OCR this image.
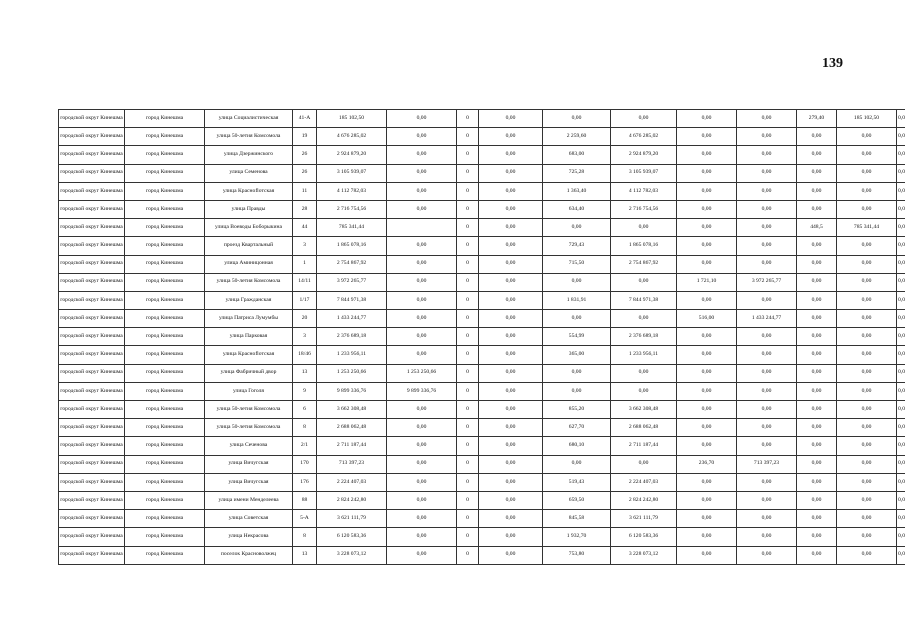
139
городской округ Кинешма	город Кинешма	улица Социалистическая	41-А	185 102,50	0,00	0	0,00	0,00	0,00	0,00	0,00	279,40	185 102,50	0,0
городской округ Кинешма	город Кинешма	улица 50-летия Комсомола	19	4 676 285,02	0,00	0	0,00	2 259,60	4 676 285,02	0,00	0,00	0,00	0,00	0,0
городской округ Кинешма	город Кинешма	улица Дзержинского	26	2 924 879,20	0,00	0	0,00	683,00	2 924 879,20	0,00	0,00	0,00	0,00	0,0
городской округ Кинешма	город Кинешма	улица Семенова	26	3 105 939,07	0,00	0	0,00	725,28	3 105 939,07	0,00	0,00	0,00	0,00	0,0
городской округ Кинешма	город Кинешма	улица Красноflотская	11	4 112 782,03	0,00	0	0,00	1 363,40	4 112 782,03	0,00	0,00	0,00	0,00	0,0
городской округ Кинешма	город Кинешма	улица Правды	28	2 716 754,56	0,00	0	0,00	634,40	2 716 754,56	0,00	0,00	0,00	0,00	0,0
городской округ Кинешма	город Кинешма	улица Воеводы Боборыкина	44	785 341,44		0	0,00	0,00	0,00	0,00	0,00	448,5	785 341,44	0,0
городской округ Кинешма	город Кинешма	проезд Квартальный	3	1 865 078,16	0,00	0	0,00	729,43	1 865 078,16	0,00	0,00	0,00	0,00	0,0
городской округ Кинешма	город Кинешма	улица Аминицонная	1	2 754 867,92	0,00	0	0,00	715,50	2 754 867,92	0,00	0,00	0,00	0,00	0,0
городской округ Кинешма	город Кинешма	улица 50-летия Комсомола	14/11	3 972 265,77	0,00	0	0,00	0,00	0,00	1 721,10	3 972 265,77	0,00	0,00	0,0
городской округ Кинешма	город Кинешма	улица Гражданская	1/17	7 844 971,38	0,00	0	0,00	1 831,91	7 844 971,38	0,00	0,00	0,00	0,00	0,0
городской округ Кинешма	город Кинешма	улица Патриса Лумумбы	20	1 433 244,77	0,00	0	0,00	0,00	0,00	516,00	1 433 244,77	0,00	0,00	0,0
городской округ Кинешма	город Кинешма	улица Парковая	3	2 376 689,18	0,00	0	0,00	554,99	2 376 689,18	0,00	0,00	0,00	0,00	0,0
городской округ Кинешма	город Кинешма	улица Красноflотская	18/46	1 233 956,11	0,00	0	0,00	365,00	1 233 956,11	0,00	0,00	0,00	0,00	0,0
городской округ Кинешма	город Кинешма	улица Фабричный двор	13	1 253 250,66	1 253 250,66	0	0,00	0,00	0,00	0,00	0,00	0,00	0,00	0,0
городской округ Кинешма	город Кинешма	улица Гоголя	9	9 899 336,76	9 899 336,76	0	0,00	0,00	0,00	0,00	0,00	0,00	0,00	0,0
городской округ Кинешма	город Кинешма	улица 50-летия Комсомола	6	3 662 308,48	0,00	0	0,00	855,20	3 662 308,48	0,00	0,00	0,00	0,00	0,0
городской округ Кинешма	город Кинешма	улица 50-летия Комсомола	8	2 688 062,48	0,00	0	0,00	627,70	2 688 062,48	0,00	0,00	0,00	0,00	0,0
городской округ Кинешма	город Кинешма	улица Сеченова	2/1	2 711 187,44	0,00	0	0,00	680,10	2 711 187,44	0,00	0,00	0,00	0,00	0,0
городской округ Кинешма	город Кинешма	улица Вичугская	170	713 397,23	0,00	0	0,00	0,00	0,00	236,70	713 397,23	0,00	0,00	0,0
городской округ Кинешма	город Кинешма	улица Вичугская	176	2 224 407,03	0,00	0	0,00	519,43	2 224 407,03	0,00	0,00	0,00	0,00	0,0
городской округ Кинешма	город Кинешма	улица имени Менделеева	88	2 824 242,80	0,00	0	0,00	659,50	2 824 242,80	0,00	0,00	0,00	0,00	0,0
городской округ Кинешма	город Кинешма	улица Советская	5-А	3 621 111,79	0,00	0	0,00	845,58	3 621 111,79	0,00	0,00	0,00	0,00	0,0
городской округ Кинешма	город Кинешма	улица Некрасова	8	6 120 583,36	0,00	0	0,00	1 932,70	6 120 583,36	0,00	0,00	0,00	0,00	0,0
городской округ Кинешма	город Кинешма	поселок Красноволжец	13	3 228 073,12	0,00	0	0,00	753,80	3 228 073,12	0,00	0,00	0,00	0,00	0,0
